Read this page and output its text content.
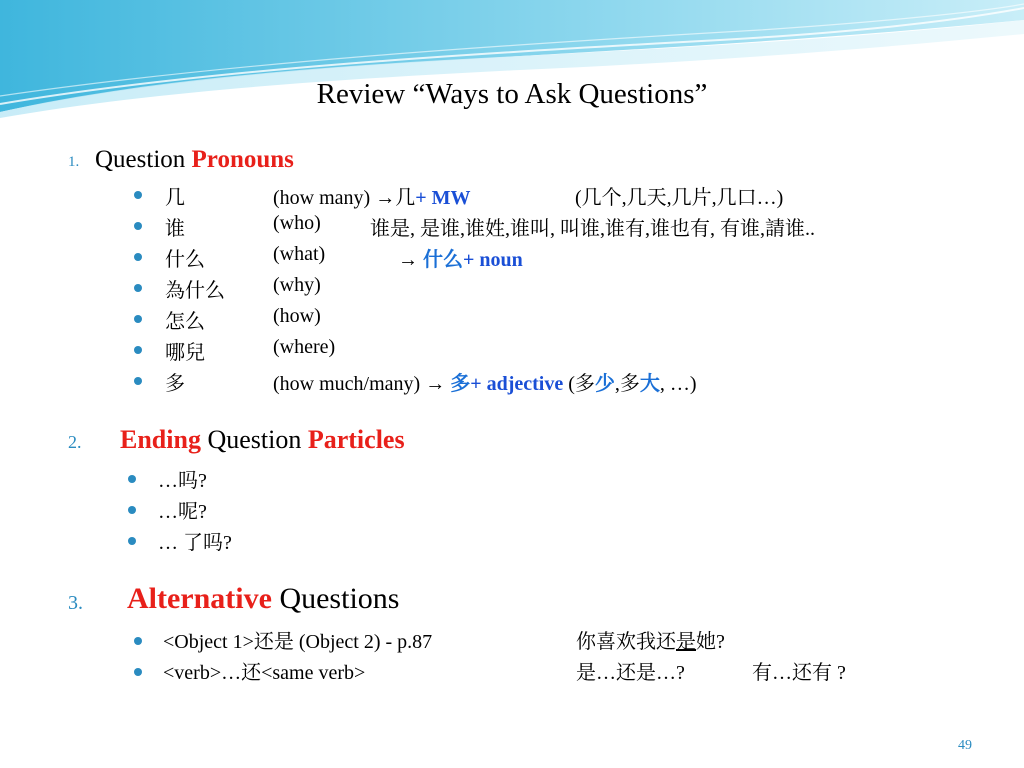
Review “Ways to Ask Questions”
1. Question Pronouns
几	(how many) →几+ MW	(几个,几天,几片,几口…)
谁	(who) 谁是, 是谁,谁姓,谁叫, 叫谁,谁有,谁也有, 有谁,請谁..
什么	(what)	→ 什么+ noun
為什么 (why)
怎么	(how)
哪兒	(where)
多	(how much/many) → 多+ adjective (多少,多大, …)
2. Ending Question Particles
…吗?
…呢?
… 了吗?
3. Alternative Questions
<Object 1>还是 (Object 2) - p.87	你喜欢我还是她?
<verb>…还<same verb>	是…还是…?	有…还有 ?
49
